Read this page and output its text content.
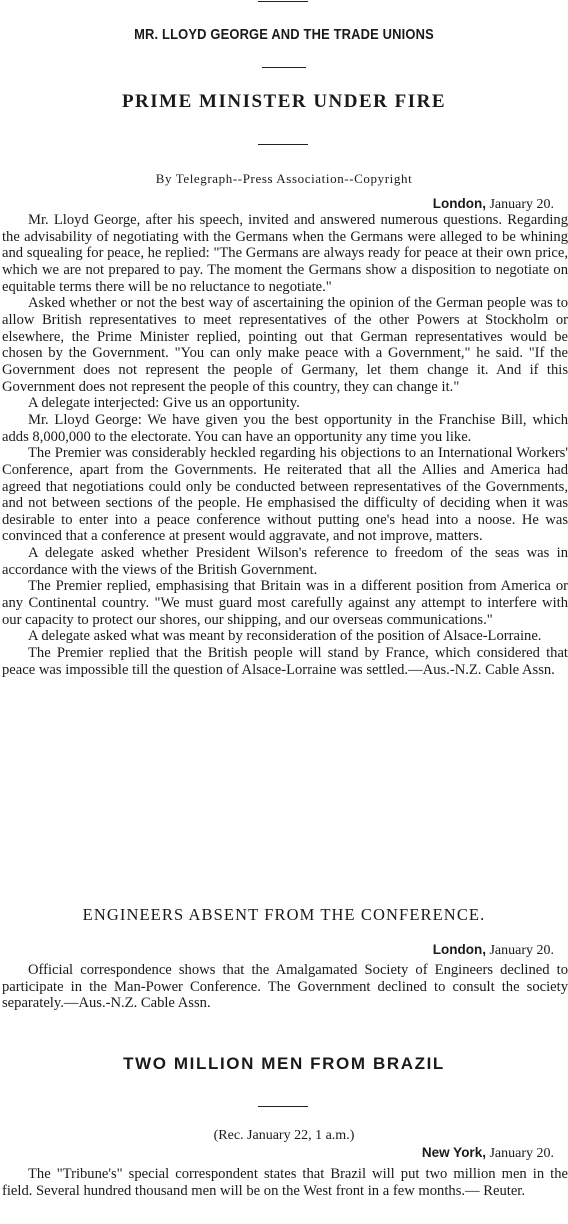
MR. LLOYD GEORGE AND THE TRADE UNIONS
PRIME MINISTER UNDER FIRE
By Telegraph--Press Association--Copyright
London, January 20.

Mr. Lloyd George, after his speech, invited and answered numerous questions. Regarding the advisability of negotiating with the Germans when the Germans were alleged to be whining and squealing for peace, he replied: "The Germans are always ready for peace at their own price, which we are not prepared to pay. The moment the Germans show a disposition to negotiate on equitable terms there will be no reluctance to negotiate."

Asked whether or not the best way of ascertaining the opinion of the German people was to allow British representatives to meet representatives of the other Powers at Stockholm or elsewhere, the Prime Minister replied, pointing out that German representatives would be chosen by the Government. "You can only make peace with a Government," he said. "If the Government does not represent the people of Germany, let them change it. And if this Government does not represent the people of this country, they can change it."

A delegate interjected: Give us an opportunity.

Mr. Lloyd George: We have given you the best opportunity in the Franchise Bill, which adds 8,000,000 to the electorate. You can have an opportunity any time you like.

The Premier was considerably heckled regarding his objections to an International Workers' Conference, apart from the Governments. He reiterated that all the Allies and America had agreed that negotiations could only be conducted between representatives of the Governments, and not between sections of the people. He emphasised the difficulty of deciding when it was desirable to enter into a peace conference without putting one's head into a noose. He was convinced that a conference at present would aggravate, and not improve, matters.

A delegate asked whether President Wilson's reference to freedom of the seas was in accordance with the views of the British Government.

The Premier replied, emphasising that Britain was in a different position from America or any Continental country. "We must guard most carefully against any attempt to interfere with our capacity to protect our shores, our shipping, and our overseas communications."

A delegate asked what was meant by reconsideration of the position of Alsace-Lorraine.

The Premier replied that the British people will stand by France, which considered that peace was impossible till the question of Alsace-Lorraine was settled.—Aus.-N.Z. Cable Assn.

ENGINEERS ABSENT FROM THE CONFERENCE.
London, January 20.

Official correspondence shows that the Amalgamated Society of Engineers declined to participate in the Man-Power Conference. The Government declined to consult the society separately.—Aus.-N.Z. Cable Assn.

TWO MILLION MEN FROM BRAZIL
(Rec. January 22, 1 a.m.)
New York, January 20.

The "Tribune's" special correspondent states that Brazil will put two million men in the field. Several hundred thousand men will be on the West front in a few months.— Reuter.
